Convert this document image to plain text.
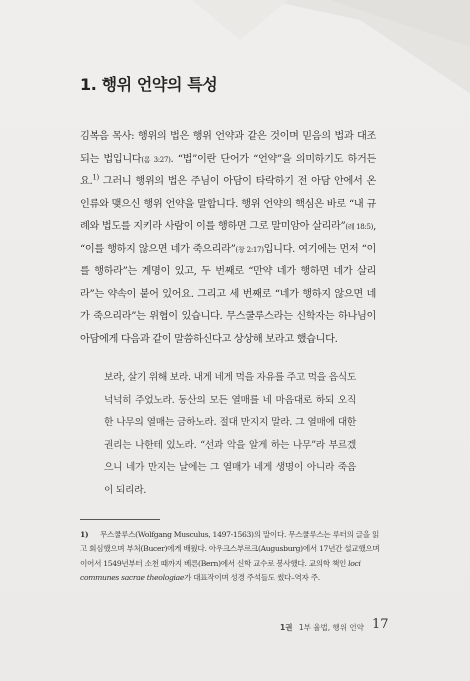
1. 행위 언약의 특성

김복음 목사: 행위의 법은 행위 언약과 같은 것이며 믿음의 법과 대조되는 법입니다(롬 3:27). “법”이란 단어가 “언약”을 의미하기도 하거든요.$^{1)}$ 그러니 행위의 법은 주님이 아담이 타락하기 전 아담 안에서 온 인류와 맺으신 행위 언약을 말합니다. 행위 언약의 핵심은 바로 “내 규례와 법도를 지키라 사람이 이를 행하면 그로 말미암아 살리라”(레 18:5), “이를 행하지 않으면 네가 죽으리라”(창 2:17)입니다. 여기에는 먼저 “이를 행하라”는 계명이 있고, 두 번째로 “만약 네가 행하면 네가 살리라”는 약속이 붙어 있어요. 그리고 세 번째로 “네가 행하지 않으면 네가 죽으리라”는 위협이 있습니다. 무스쿨루스라는 신학자는 하나님이 아담에게 다음과 같이 말씀하신다고 상상해 보라고 했습니다.

보라, 살기 위해 보라. 내게 네게 먹을 자유를 주고 먹을 음식도 넉넉히 주었노라. 동산의 모든 열매를 네 마음대로 하되 오직 한 나무의 열매는 금하노라. 절대 만지지 말라. 그 열매에 대한 권리는 나한테 있노라. “선과 악을 알게 하는 나무”라 부르겠으니 네가 만지는 날에는 그 열매가 네게 생명이 아니라 죽음이 되리라.

1) 무스쿨루스(Wolfgang Musculus, 1497-1563)의 말이다. 무스쿨루스는 루터의 글을 읽고 회심했으며 부처(Bucer)에게 배웠다. 아우크스부르크(Augusburg)에서 17년간 설교했으며 이어서 1549년부터 소천 때까지 베른(Bern)에서 신학 교수로 봉사했다. 교의학 책인 loci communes sacrae theologiae가 대표작이며 성경 주석들도 썼다–역자 주.

1권 1부 율법, 행위 언약 17
